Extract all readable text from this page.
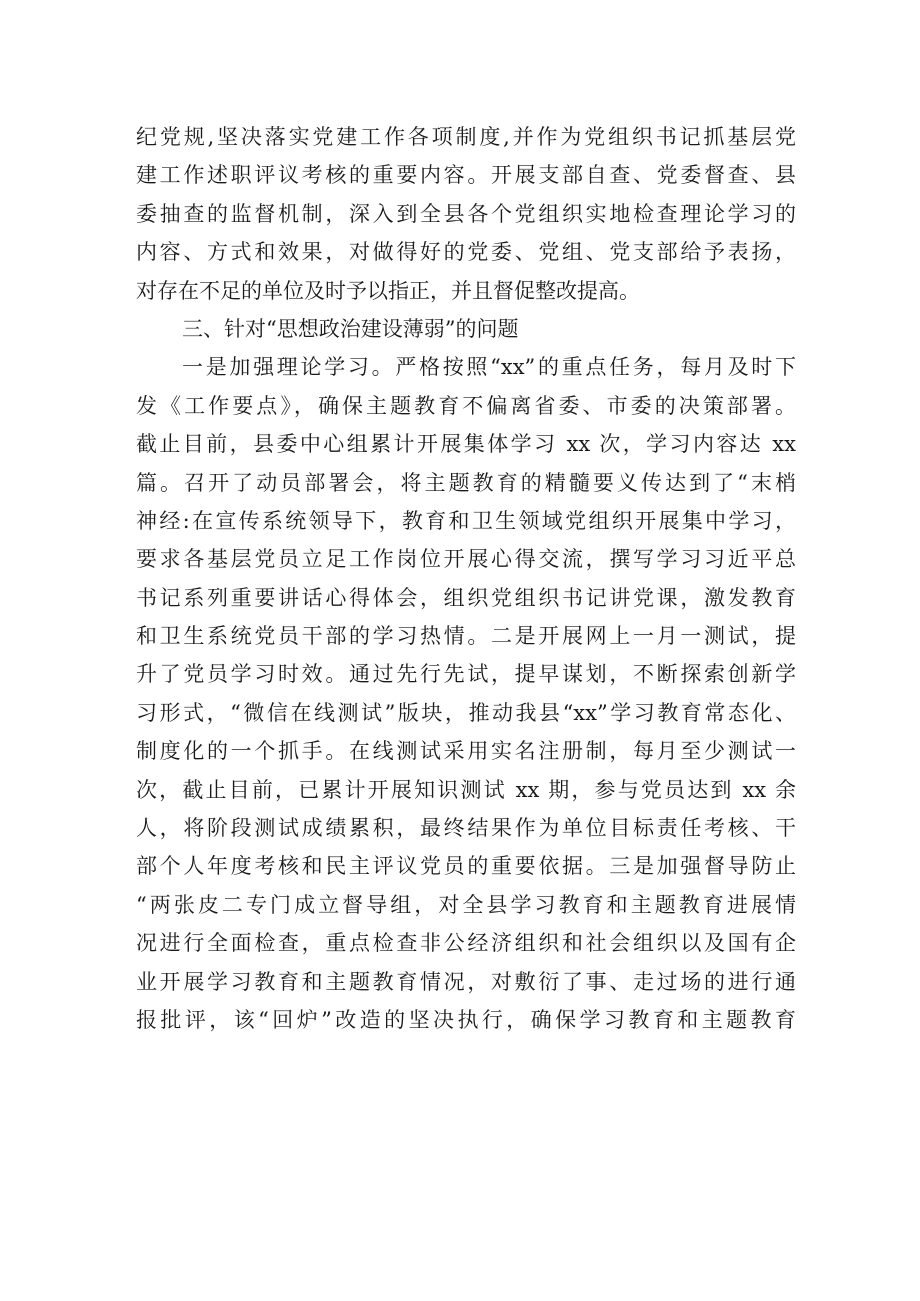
纪党规,坚决落实党建工作各项制度,并作为党组织书记抓基层党
建工作述职评议考核的重要内容。开展支部自查、党委督查、县
委抽查的监督机制，深入到全县各个党组织实地检查理论学习的
内容、方式和效果，对做得好的党委、党组、党支部给予表扬，
对存在不足的单位及时予以指正，并且督促整改提高。
三、针对“思想政治建设薄弱”的问题
一是加强理论学习。严格按照“xx”的重点任务，每月及时下
发《工作要点》，确保主题教育不偏离省委、市委的决策部署。
截止目前，县委中心组累计开展集体学习 xx 次，学习内容达 xx
篇。召开了动员部署会，将主题教育的精髓要义传达到了“末梢
神经:在宣传系统领导下，教育和卫生领域党组织开展集中学习，
要求各基层党员立足工作岗位开展心得交流，撰写学习习近平总
书记系列重要讲话心得体会，组织党组织书记讲党课，激发教育
和卫生系统党员干部的学习热情。二是开展网上一月一测试，提
升了党员学习时效。通过先行先试，提早谋划，不断探索创新学
习形式，“微信在线测试”版块，推动我县“xx”学习教育常态化、
制度化的一个抓手。在线测试采用实名注册制，每月至少测试一
次，截止目前，已累计开展知识测试 xx 期，参与党员达到 xx 余
人，将阶段测试成绩累积，最终结果作为单位目标责任考核、干
部个人年度考核和民主评议党员的重要依据。三是加强督导防止
“两张皮二专门成立督导组，对全县学习教育和主题教育进展情
况进行全面检查，重点检查非公经济组织和社会组织以及国有企
业开展学习教育和主题教育情况，对敷衍了事、走过场的进行通
报批评，该“回炉”改造的坚决执行，确保学习教育和主题教育
